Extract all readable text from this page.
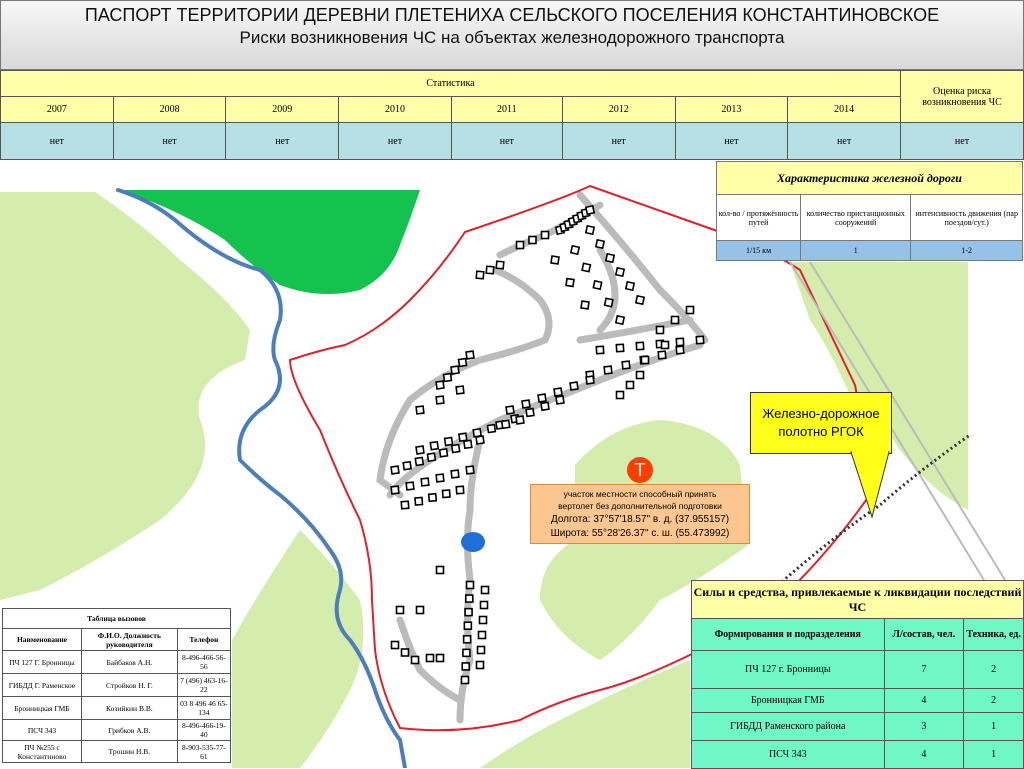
ПАСПОРТ ТЕРРИТОРИИ ДЕРЕВНИ ПЛЕТЕНИХА СЕЛЬСКОГО ПОСЕЛЕНИЯ КОНСТАНТИНОВСКОЕ
Риски возникновения ЧС на объектах железнодорожного транспорта
Статистика								Оценка риска возникновения ЧС
2007	2008	2009	2010	2011	2012	2013	2014	
нет	нет	нет	нет	нет	нет	нет	нет	нет
Характеристика железной дороги		
кол-во / протяжённость путей	количество пристанционных сооружений	интенсивность движения (пар поездов/сут.)
1/15 км	1	1-2
Железно-дорожное полотно РГОК
Т
участок местности способный принять
вертолет без дополнительной подготовки
Долгота: 37°57'18.57" в. д. (37.955157)
Широта: 55°28'26.37" с. ш. (55.473992)
Таблица вызовов		
Наименование	Ф.И.О. Должность руководителя	Телефон
ПЧ 127 Г. Бронницы	Байбаков А.Н.	8-496-466-56-56
ГИБДД Г. Раменское	Стройков Н. Г.	7 (496) 463-16-22
Бронницкая ГМБ	Козийкин В.В.	03 8 496 46 65-134
ПСЧ 343	Грибков А.В.	8-496-466-19-40
ПЧ №255 с Константиново	Трошин Н.В.	8-903-535-77-61
Силы и средства, привлекаемые к ликвидации последствий ЧС		
Формирования и подразделения	Л/состав, чел.	Техника, ед.
ПЧ 127 г. Бронницы	7	2
Бронницкая ГМБ	4	2
ГИБДД Раменского района	3	1
ПСЧ 343	4	1
